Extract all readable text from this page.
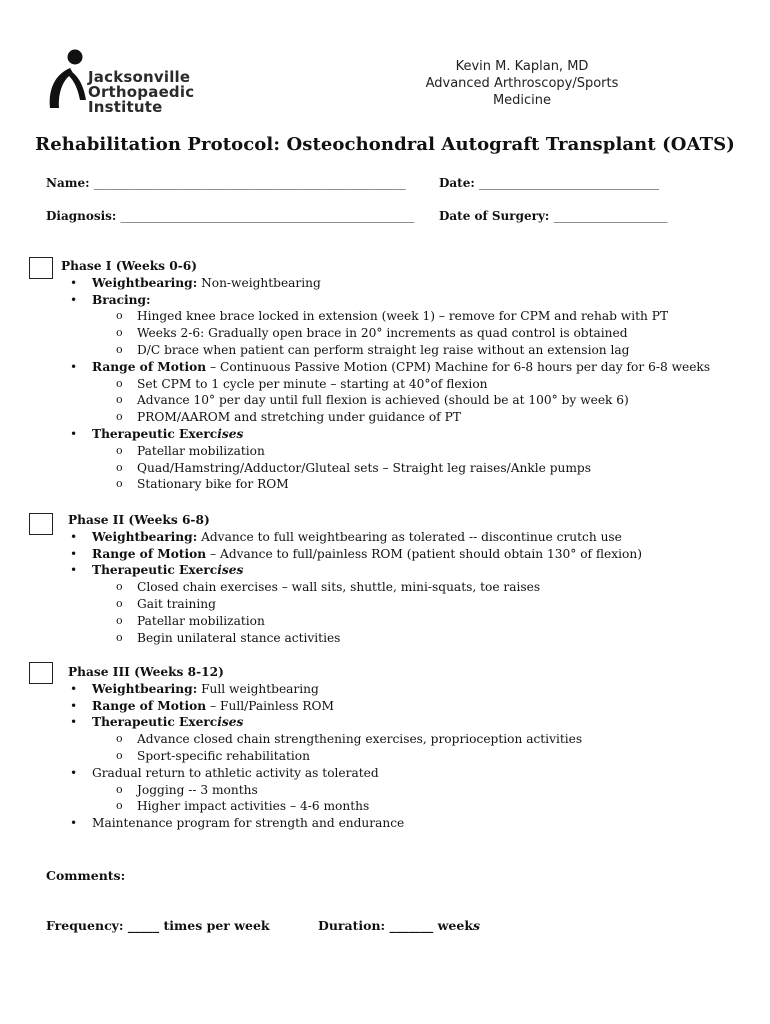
Jacksonville
Orthopaedic
Institute
Kevin M. Kaplan, MD
Advanced Arthroscopy/Sports
Medicine
Rehabilitation Protocol: Osteochondral Autograft Transplant (OATS)
Name: ____________________________________________________	Date: ______________________________
Diagnosis: _________________________________________________ Date of Surgery: ___________________
Phase I (Weeks 0-6)
• Weightbearing: Non-weightbearing
• Bracing:
o Hinged knee brace locked in extension (week 1) – remove for CPM and rehab with PT
o Weeks 2-6: Gradually open brace in 20° increments as quad control is obtained
o D/C brace when patient can perform straight leg raise without an extension lag
• Range of Motion – Continuous Passive Motion (CPM) Machine for 6-8 hours per day for 6-8 weeks
o Set CPM to 1 cycle per minute – starting at 40°of flexion
o Advance 10° per day until full flexion is achieved (should be at 100° by week 6)
o PROM/AAROM and stretching under guidance of PT
• Therapeutic Exercises
o Patellar mobilization
o Quad/Hamstring/Adductor/Gluteal sets – Straight leg raises/Ankle pumps
o Stationary bike for ROM
Phase II (Weeks 6-8)
• Weightbearing: Advance to full weightbearing as tolerated -- discontinue crutch use
• Range of Motion – Advance to full/painless ROM (patient should obtain 130° of flexion)
• Therapeutic Exercises
o Closed chain exercises – wall sits, shuttle, mini-squats, toe raises
o Gait training
o Patellar mobilization
o Begin unilateral stance activities
Phase III (Weeks 8-12)
• Weightbearing: Full weightbearing
• Range of Motion – Full/Painless ROM
• Therapeutic Exercises
o Advance closed chain strengthening exercises, proprioception activities
o Sport-specific rehabilitation
• Gradual return to athletic activity as tolerated
o Jogging -- 3 months
o Higher impact activities – 4-6 months
• Maintenance program for strength and endurance
Comments:
Frequency: _____ times per week	Duration: _______ weeks
